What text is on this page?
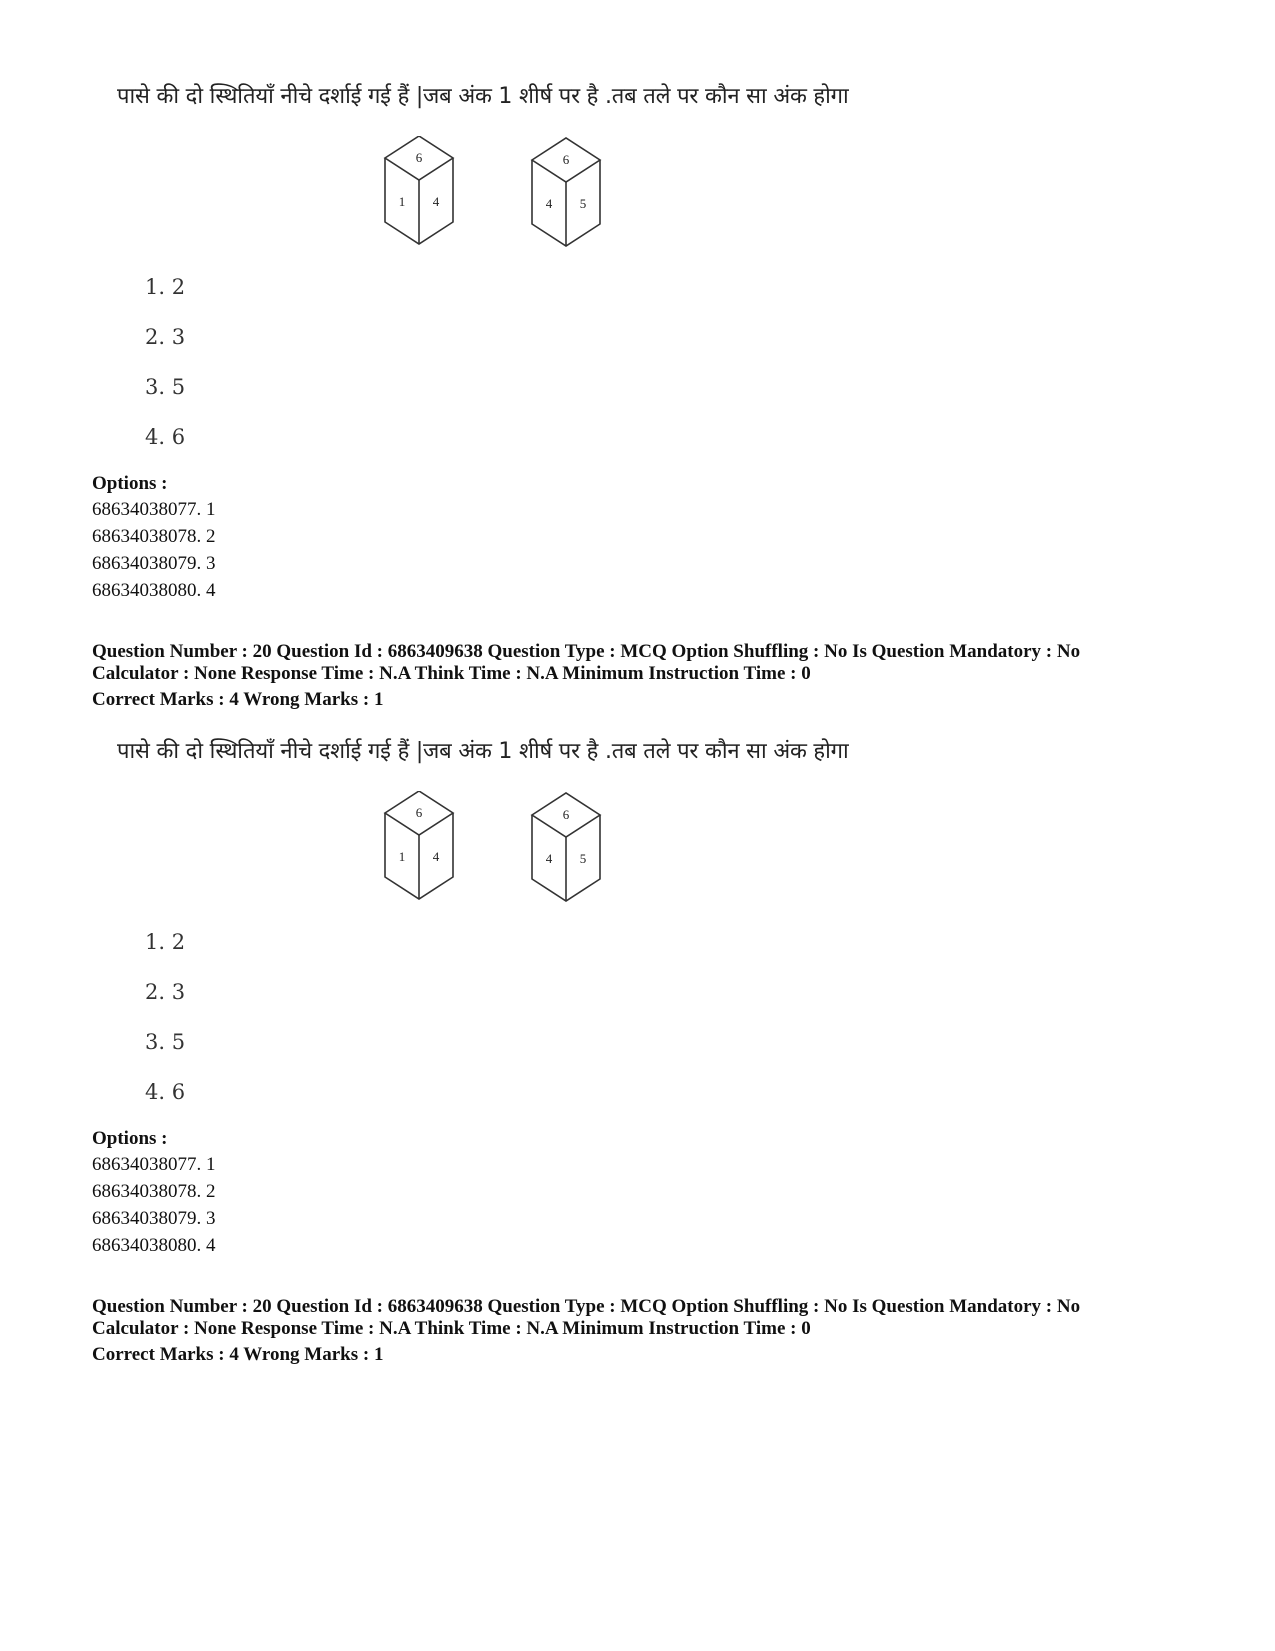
पासे की दो स्थितियाँ नीचे दर्शाई गई हैं |जब अंक 1 शीर्ष पर है .तब तले पर कौन सा अंक होगा
6
1 4
6
4 5
1. 2
2. 3
3. 5
4. 6
Options :
68634038077. 1
68634038078. 2
68634038079. 3
68634038080. 4
Question Number : 20 Question Id : 6863409638 Question Type : MCQ Option Shuffling : No Is Question Mandatory : No
Calculator : None Response Time : N.A Think Time : N.A Minimum Instruction Time : 0
Correct Marks : 4 Wrong Marks : 1
पासे की दो स्थितियाँ नीचे दर्शाई गई हैं |जब अंक 1 शीर्ष पर है .तब तले पर कौन सा अंक होगा
6
1 4
6
4 5
1. 2
2. 3
3. 5
4. 6
Options :
68634038077. 1
68634038078. 2
68634038079. 3
68634038080. 4
Question Number : 20 Question Id : 6863409638 Question Type : MCQ Option Shuffling : No Is Question Mandatory : No
Calculator : None Response Time : N.A Think Time : N.A Minimum Instruction Time : 0
Correct Marks : 4 Wrong Marks : 1
